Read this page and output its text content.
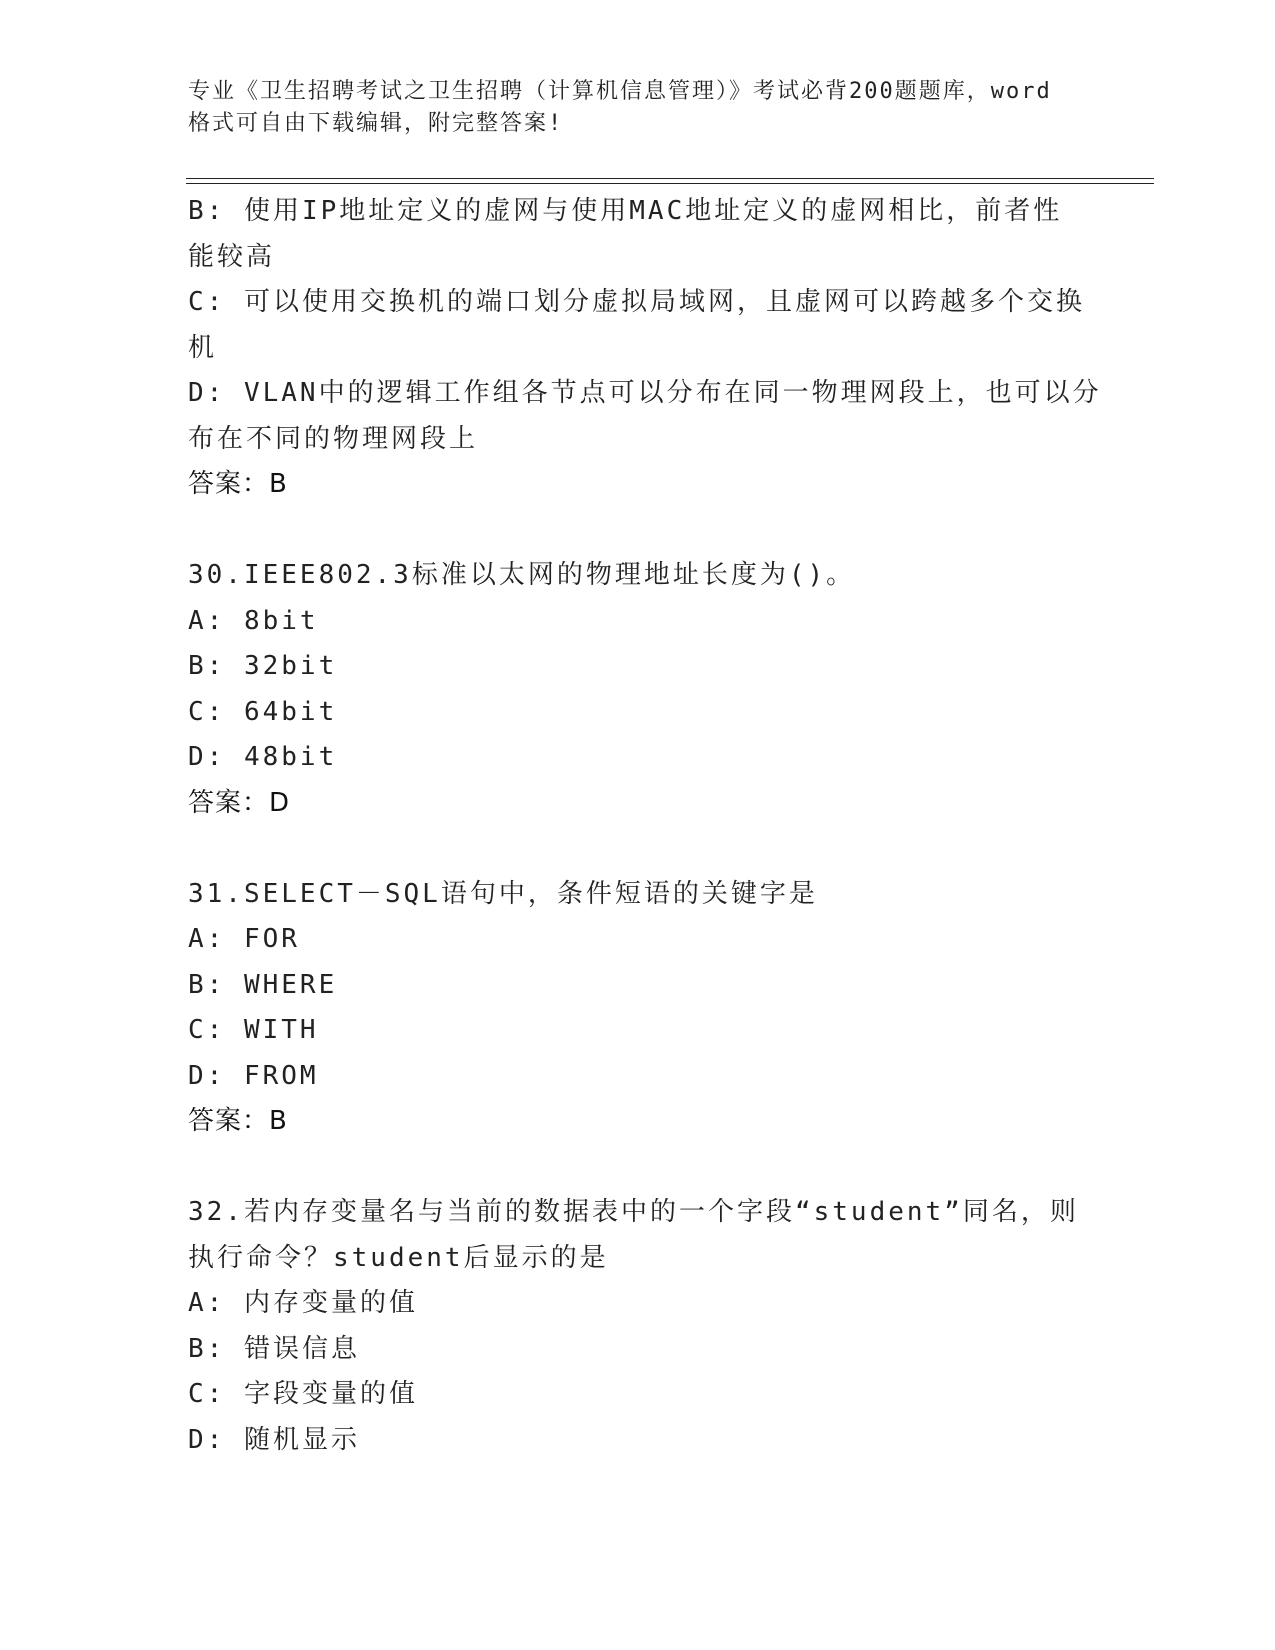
专业《卫生招聘考试之卫生招聘（计算机信息管理）》考试必背200题题库，word
格式可自由下载编辑，附完整答案!
B: 使用IP地址定义的虚网与使用MAC地址定义的虚网相比，前者性
能较高
C: 可以使用交换机的端口划分虚拟局域网，且虚网可以跨越多个交换
机
D: VLAN中的逻辑工作组各节点可以分布在同一物理网段上，也可以分
布在不同的物理网段上
答案：B
30.IEEE802.3标准以太网的物理地址长度为()。
A: 8bit
B: 32bit
C: 64bit
D: 48bit
答案：D
31.SELECT－SQL语句中，条件短语的关键字是
A: FOR
B: WHERE
C: WITH
D: FROM
答案：B
32.若内存变量名与当前的数据表中的一个字段“student”同名，则
执行命令？student后显示的是
A: 内存变量的值
B: 错误信息
C: 字段变量的值
D: 随机显示
